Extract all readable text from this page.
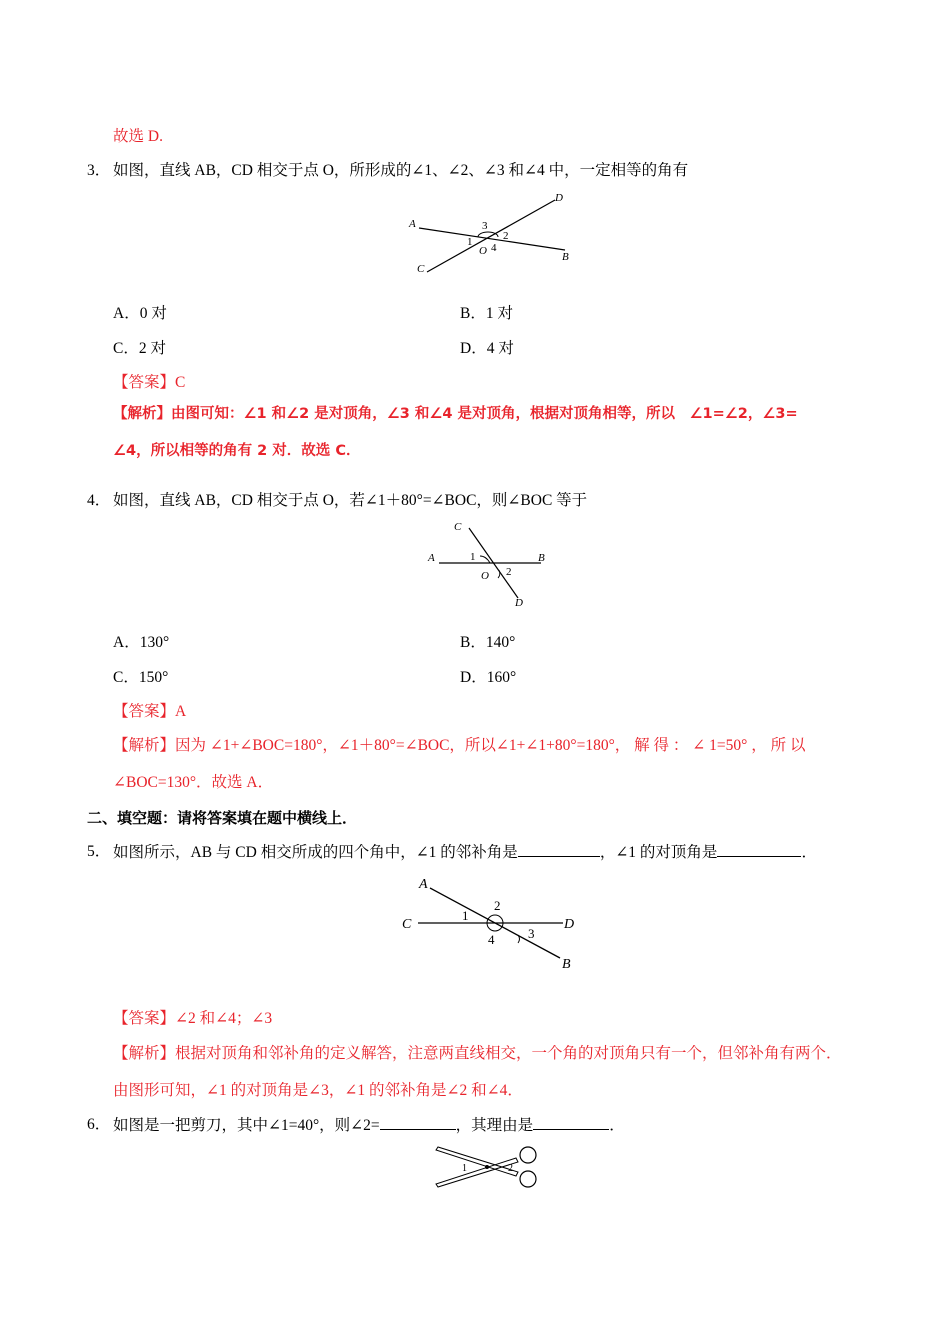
故选 D.
3． 如图，直线 AB，CD 相交于点 O，所形成的∠1、∠2、∠3 和∠4 中，一定相等的角有
A
B
C
D
O
1	2
3
4
A．0 对	B．1 对
C．2 对	D．4 对
【答案】C
【解析】由图可知：∠1 和∠2 是对顶角，∠3 和∠4 是对顶角，根据对顶角相等，所以　∠1=∠2，∠3=
∠4，所以相等的角有 2 对．故选 C．
4． 如图，直线 AB，CD 相交于点 O，若∠1＋80°=∠BOC，则∠BOC 等于
A	B
C
D
O
1
2
A．130°	B．140°
C．150°	D．160°
【答案】A
【解析】因为 ∠1+∠BOC=180°，∠1＋80°=∠BOC，所以∠1+∠1+80°=180°， 解 得 ： ∠ 1=50° ， 所 以
∠BOC=130°．故选 A．
二、填空题：请将答案填在题中横线上．
5． 如图所示，AB 与 CD 相交所成的四个角中，∠1 的邻补角是	，∠1 的对顶角是	．
A
B
C	D
1
2
3
4
【答案】∠2 和∠4；∠3
【解析】根据对顶角和邻补角的定义解答，注意两直线相交，一个角的对顶角只有一个，但邻补角有两个．
由图形可知，∠1 的对顶角是∠3，∠1 的邻补角是∠2 和∠4．
6． 如图是一把剪刀，其中∠1=40°，则∠2=	，其理由是	．
1	2
